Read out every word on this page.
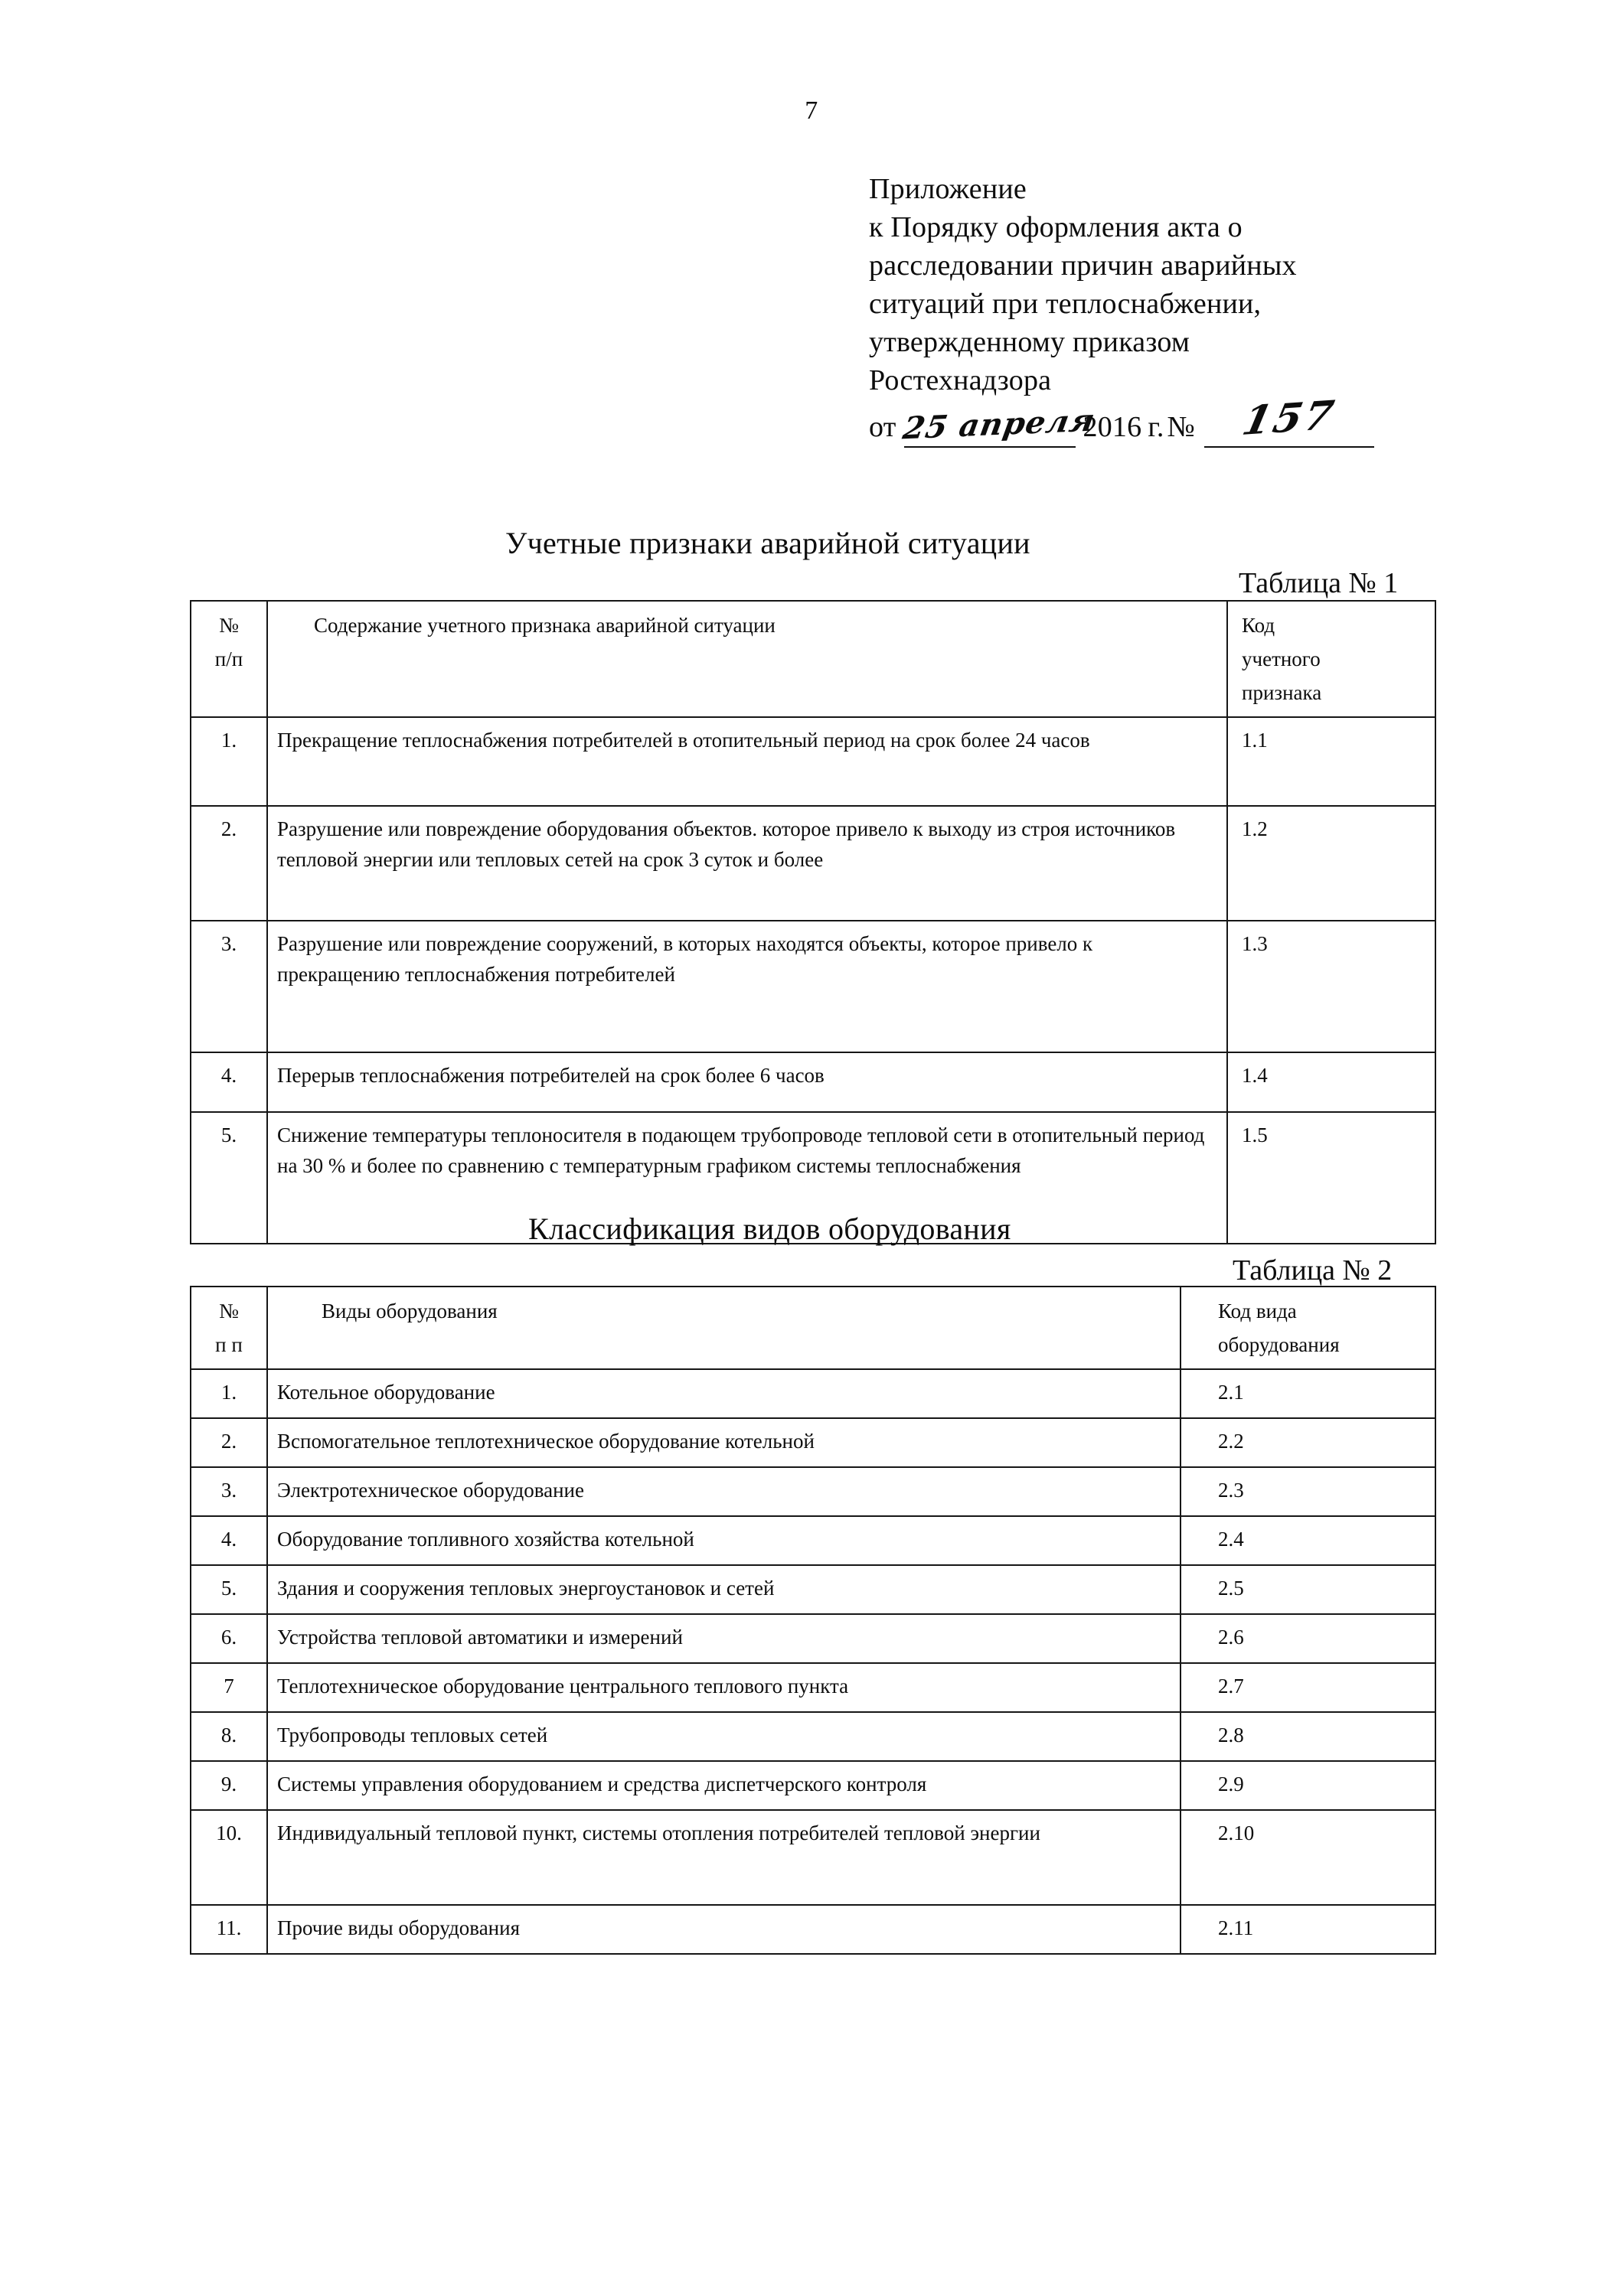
7
Приложение
к Порядку оформления акта о
расследовании причин аварийных
ситуаций при теплоснабжении,
утвержденному приказом
Ростехнадзора
от 25 апреля
2016 г. №	157
Учетные признаки аварийной ситуации
Таблица № 1
№
п/п	Содержание учетного признака аварийной ситуации	Код
учетного
признака

1.	Прекращение теплоснабжения потребителей в отопительный период на срок более 24 часов	1.1
2.	Разрушение или повреждение оборудования объектов. которое привело к выходу из строя источников тепловой энергии или тепловых сетей на срок 3 суток и более	1.2
3.	Разрушение или повреждение сооружений, в которых находятся объекты, которое привело к прекращению теплоснабжения потребителей	1.3
4.	Перерыв теплоснабжения потребителей на срок более 6 часов	1.4
5.	Снижение температуры теплоносителя в подающем трубопроводе тепловой сети в отопительный период на 30 % и более по сравнению с температурным графиком системы теплоснабжения	1.5
Классификация видов оборудования
Таблица № 2
№
п п	Виды оборудования	Код вида
оборудования

1.	Котельное оборудование	2.1
2.	Вспомогательное теплотехническое оборудование котельной	2.2
3.	Электротехническое оборудование	2.3
4.	Оборудование топливного хозяйства котельной	2.4
5.	Здания и сооружения тепловых энергоустановок и сетей	2.5
6.	Устройства тепловой автоматики и измерений	2.6
7	Теплотехническое оборудование центрального теплового пункта	2.7
8.	Трубопроводы тепловых сетей	2.8
9.	Системы управления оборудованием и средства диспетчерского контроля	2.9
10.	Индивидуальный тепловой пункт, системы отопления потребителей тепловой энергии	2.10
11.	Прочие виды оборудования	2.11
